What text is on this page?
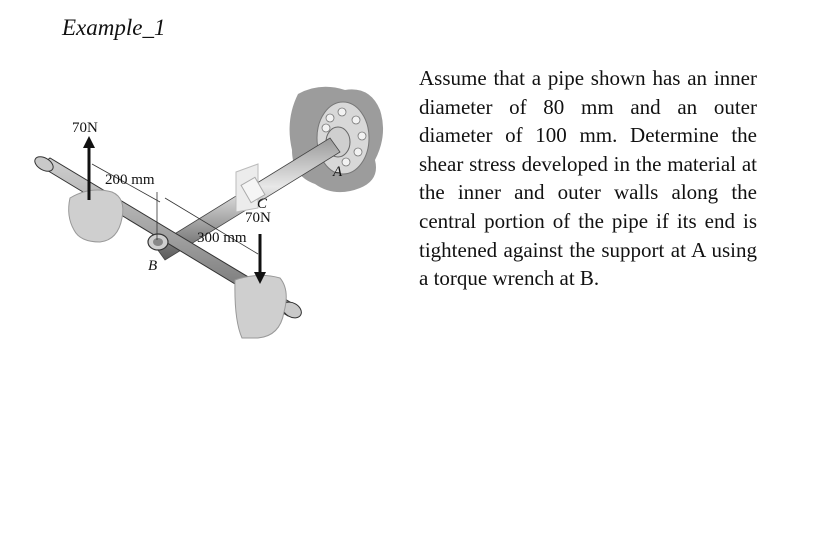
Example_1
70N
200 mm
70N
300 mm
A
B
C
Assume that a pipe shown has an inner diameter of 80 mm and an outer diameter of 100 mm. Determine the shear stress developed in the material at the inner and outer walls along the central portion of the pipe if its end is tightened against the support at A using a torque wrench at B.
